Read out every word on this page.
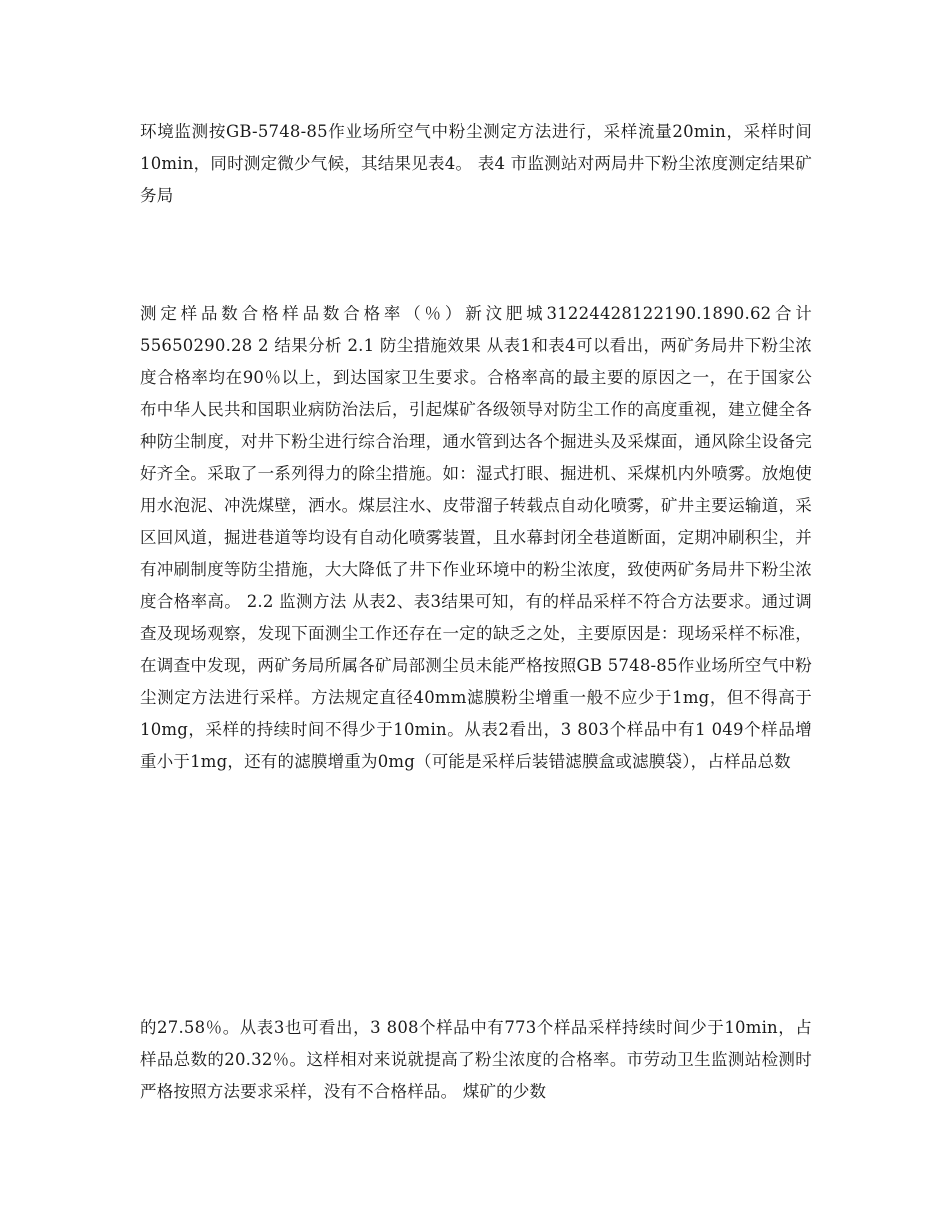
环境监测按GB-5748-85作业场所空气中粉尘测定方法进行，采样流量20min，采样时间10min，同时测定微少气候，其结果见表4。 表4 市监测站对两局井下粉尘浓度测定结果矿务局

测定样品数合格样品数合格率（％）新汶肥城31224428122190.1890.62合计55650290.28 2 结果分析 2.1 防尘措施效果 从表1和表4可以看出，两矿务局井下粉尘浓度合格率均在90％以上，到达国家卫生要求。合格率高的最主要的原因之一，在于国家公布中华人民共和国职业病防治法后，引起煤矿各级领导对防尘工作的高度重视，建立健全各种防尘制度，对井下粉尘进行综合治理，通水管到达各个掘进头及采煤面，通风除尘设备完好齐全。采取了一系列得力的除尘措施。如：湿式打眼、掘进机、采煤机内外喷雾。放炮使用水泡泥、冲洗煤壁，洒水。煤层注水、皮带溜子转载点自动化喷雾，矿井主要运输道，采区回风道，掘进巷道等均设有自动化喷雾装置，且水幕封闭全巷道断面，定期冲刷积尘，并有冲刷制度等防尘措施，大大降低了井下作业环境中的粉尘浓度，致使两矿务局井下粉尘浓度合格率高。 2.2 监测方法 从表2、表3结果可知，有的样品采样不符合方法要求。通过调查及现场观察，发现下面测尘工作还存在一定的缺乏之处，主要原因是：现场采样不标准，在调查中发现，两矿务局所属各矿局部测尘员未能严格按照GB 5748-85作业场所空气中粉尘测定方法进行采样。方法规定直径40mm滤膜粉尘增重一般不应少于1mg，但不得高于10mg，采样的持续时间不得少于10min。从表2看出，3 803个样品中有1 049个样品增重小于1mg，还有的滤膜增重为0mg（可能是采样后装错滤膜盒或滤膜袋），占样品总数

的27.58％。从表3也可看出，3 808个样品中有773个样品采样持续时间少于10min，占样品总数的20.32％。这样相对来说就提高了粉尘浓度的合格率。市劳动卫生监测站检测时严格按照方法要求采样，没有不合格样品。 煤矿的少数
